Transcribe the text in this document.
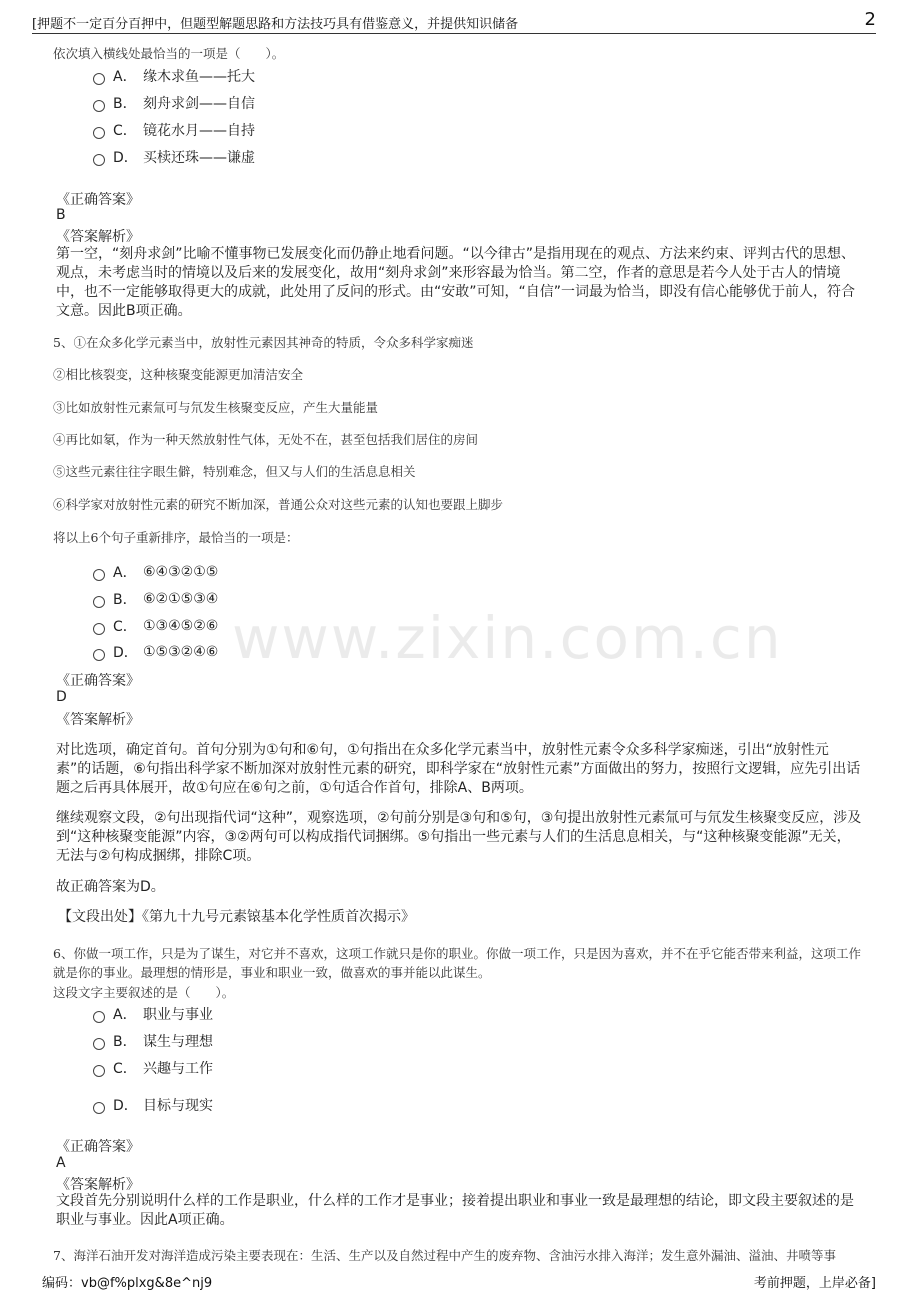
[押题不一定百分百押中，但题型解题思路和方法技巧具有借鉴意义，并提供知识储备	2
www.zixin.com.cn
依次填入横线处最恰当的一项是（　　）。
A． 缘木求鱼——托大
B． 刻舟求剑——自信
C． 镜花水月——自持
D． 买椟还珠——谦虚
《正确答案》
B
《答案解析》
第一空，“刻舟求剑”比喻不懂事物已发展变化而仍静止地看问题。“以今律古”是指用现在的观点、方法来约束、评判古代的思想、观点，未考虑当时的情境以及后来的发展变化，故用“刻舟求剑”来形容最为恰当。第二空，作者的意思是若今人处于古人的情境中，也不一定能够取得更大的成就，此处用了反问的形式。由“安敢”可知，“自信”一词最为恰当，即没有信心能够优于前人，符合文意。因此B项正确。
5、①在众多化学元素当中，放射性元素因其神奇的特质，令众多科学家痴迷
②相比核裂变，这种核聚变能源更加清洁安全
③比如放射性元素氚可与氘发生核聚变反应，产生大量能量
④再比如氡，作为一种天然放射性气体，无处不在，甚至包括我们居住的房间
⑤这些元素往往字眼生僻，特别难念，但又与人们的生活息息相关
⑥科学家对放射性元素的研究不断加深，普通公众对这些元素的认知也要跟上脚步
将以上6个句子重新排序，最恰当的一项是：
A． ⑥④③②①⑤
B． ⑥②①⑤③④
C． ①③④⑤②⑥
D． ①⑤③②④⑥
《正确答案》
D
《答案解析》
对比选项，确定首句。首句分别为①句和⑥句，①句指出在众多化学元素当中，放射性元素令众多科学家痴迷，引出“放射性元素”的话题，⑥句指出科学家不断加深对放射性元素的研究，即科学家在“放射性元素”方面做出的努力，按照行文逻辑，应先引出话题之后再具体展开，故①句应在⑥句之前，①句适合作首句，排除A、B两项。
继续观察文段，②句出现指代词“这种”，观察选项，②句前分别是③句和⑤句，③句提出放射性元素氚可与氘发生核聚变反应，涉及到“这种核聚变能源”内容，③②两句可以构成指代词捆绑。⑤句指出一些元素与人们的生活息息相关，与“这种核聚变能源”无关，无法与②句构成捆绑，排除C项。
故正确答案为D。
【文段出处】《第九十九号元素锿基本化学性质首次揭示》
6、你做一项工作，只是为了谋生，对它并不喜欢，这项工作就只是你的职业。你做一项工作，只是因为喜欢，并不在乎它能否带来利益，这项工作就是你的事业。最理想的情形是，事业和职业一致，做喜欢的事并能以此谋生。
这段文字主要叙述的是（　　）。
A． 职业与事业
B． 谋生与理想
C． 兴趣与工作
D． 目标与现实
《正确答案》
A
《答案解析》
文段首先分别说明什么样的工作是职业，什么样的工作才是事业；接着提出职业和事业一致是最理想的结论，即文段主要叙述的是职业与事业。因此A项正确。
7、海洋石油开发对海洋造成污染主要表现在：生活、生产以及自然过程中产生的废弃物、含油污水排入海洋；发生意外漏油、溢油、井喷等事
编码：vb@f%plxg&8e^nj9	考前押题，上岸必备]
